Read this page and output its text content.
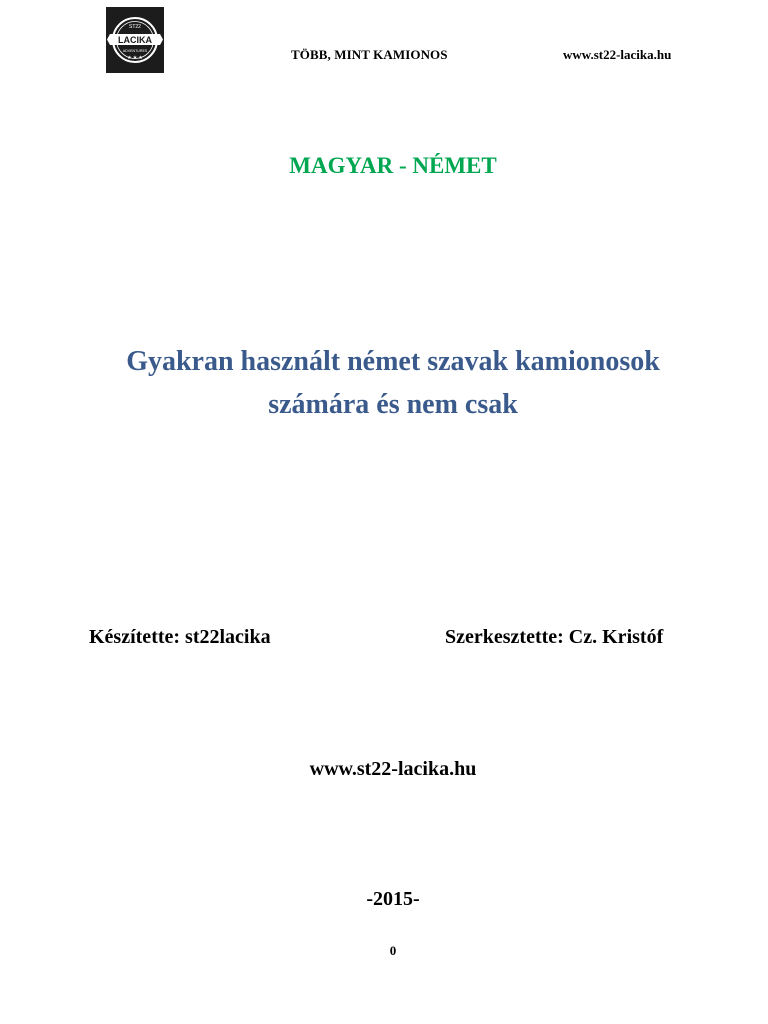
ST22
LACIKA
ADVENTURES
★ ★ ★	TÖBB, MINT KAMIONOS	www.st22-lacika.hu
MAGYAR - NÉMET
Gyakran használt német szavak kamionosok
számára és nem csak
Készítette: st22lacika	Szerkesztette: Cz. Kristóf
www.st22-lacika.hu
-2015-
0
